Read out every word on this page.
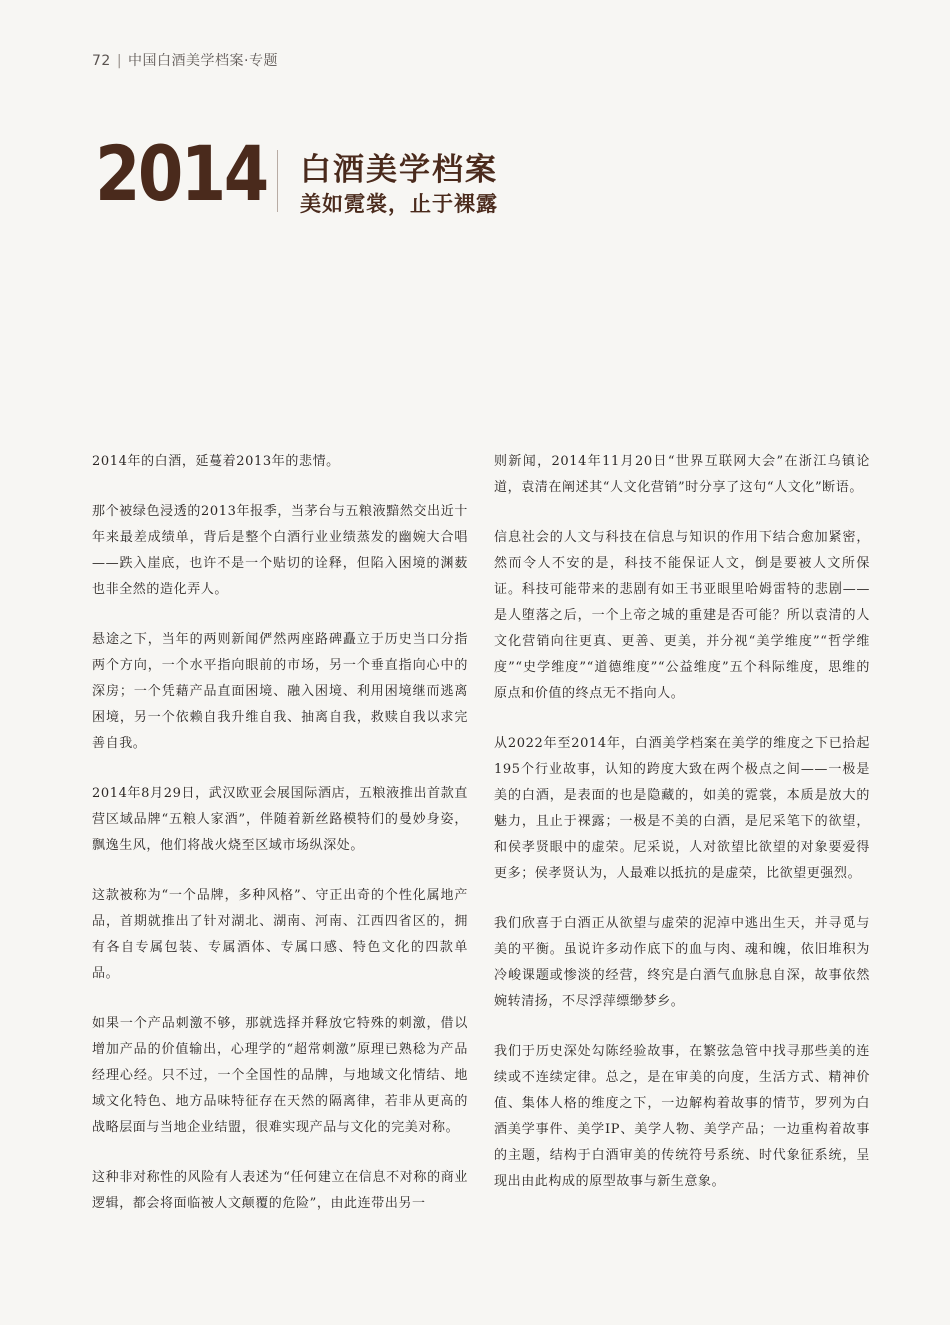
72 | 中国白酒美学档案·专题
2014 白酒美学档案
美如霓裳，止于裸露

2014年的白酒，延蔓着2013年的悲情。

那个被绿色浸透的2013年报季，当茅台与五粮液黯然交出近十年来最差成绩单，背后是整个白酒行业业绩蒸发的幽婉大合唱——跌入崖底，也许不是一个贴切的诠释，但陷入困境的渊薮也非全然的造化弄人。

悬途之下，当年的两则新闻俨然两座路碑矗立于历史当口分指两个方向，一个水平指向眼前的市场，另一个垂直指向心中的深房；一个凭藉产品直面困境、融入困境、利用困境继而逃离困境，另一个依赖自我升维自我、抽离自我，救赎自我以求完善自我。

2014年8月29日，武汉欧亚会展国际酒店，五粮液推出首款直营区域品牌“五粮人家酒”，伴随着新丝路模特们的曼妙身姿，飘逸生风，他们将战火烧至区域市场纵深处。

这款被称为“一个品牌，多种风格”、守正出奇的个性化属地产品，首期就推出了针对湖北、湖南、河南、江西四省区的，拥有各自专属包装、专属酒体、专属口感、特色文化的四款单品。

如果一个产品刺激不够，那就选择并释放它特殊的刺激，借以增加产品的价值输出，心理学的“超常刺激”原理已熟稔为产品经理心经。只不过，一个全国性的品牌，与地域文化情结、地域文化特色、地方品味特征存在天然的隔离律，若非从更高的战略层面与当地企业结盟，很难实现产品与文化的完美对称。

这种非对称性的风险有人表述为“任何建立在信息不对称的商业逻辑，都会将面临被人文颠覆的危险”，由此连带出另一

则新闻，2014年11月20日“世界互联网大会”在浙江乌镇论道，袁清在阐述其“人文化营销”时分享了这句“人文化”断语。

信息社会的人文与科技在信息与知识的作用下结合愈加紧密，然而令人不安的是，科技不能保证人文，倒是要被人文所保证。科技可能带来的悲剧有如王书亚眼里哈姆雷特的悲剧——是人堕落之后，一个上帝之城的重建是否可能？所以袁清的人文化营销向往更真、更善、更美，并分视“美学维度”“哲学维度”“史学维度”“道德维度”“公益维度”五个科际维度，思维的原点和价值的终点无不指向人。

从2022年至2014年，白酒美学档案在美学的维度之下已拾起195个行业故事，认知的跨度大致在两个极点之间——一极是美的白酒，是表面的也是隐藏的，如美的霓裳，本质是放大的魅力，且止于裸露；一极是不美的白酒，是尼采笔下的欲望，和侯孝贤眼中的虚荣。尼采说，人对欲望比欲望的对象要爱得更多；侯孝贤认为，人最难以抵抗的是虚荣，比欲望更强烈。

我们欣喜于白酒正从欲望与虚荣的泥淖中逃出生天，并寻觅与美的平衡。虽说许多动作底下的血与肉、魂和魄，依旧堆积为冷峻课题或惨淡的经营，终究是白酒气血脉息自深，故事依然婉转清扬，不尽浮萍缥缈梦乡。

我们于历史深处勾陈经验故事，在繁弦急管中找寻那些美的连续或不连续定律。总之，是在审美的向度，生活方式、精神价值、集体人格的维度之下，一边解构着故事的情节，罗列为白酒美学事件、美学IP、美学人物、美学产品；一边重构着故事的主题，结构于白酒审美的传统符号系统、时代象征系统，呈现出由此构成的原型故事与新生意象。
